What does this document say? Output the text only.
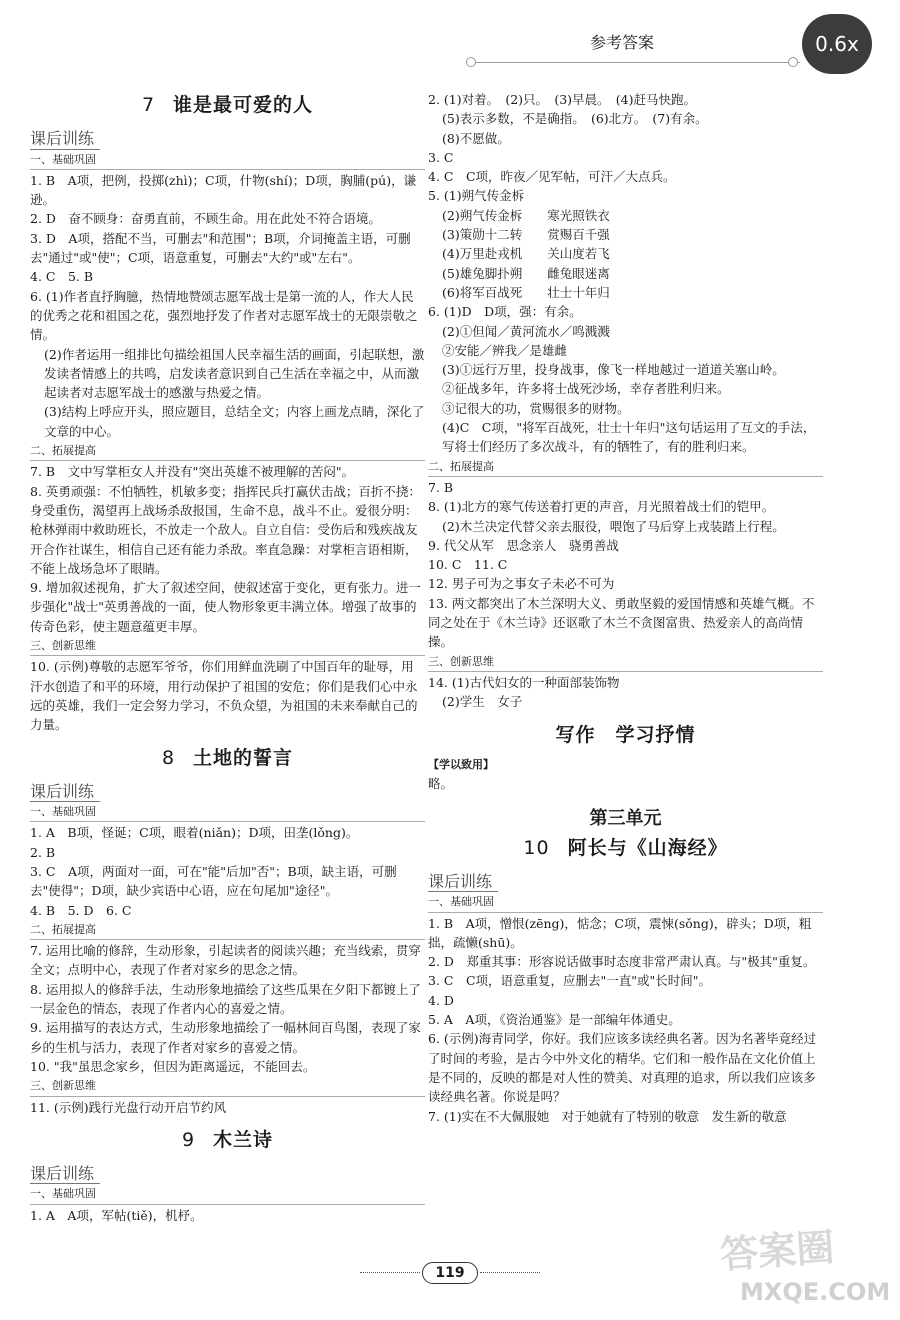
参考答案	0.6x
7 谁是最可爱的人
课后训练
一、基础巩固
1. B　A项，把例，投掷(zhì)；C项，什物(shí)；D项，胸脯(pú)，谦逊。
2. D　奋不顾身：奋勇直前，不顾生命。用在此处不符合语境。
3. D　A项，搭配不当，可删去"和范围"；B项，介词掩盖主语，可删去"通过"或"使"；C项，语意重复，可删去"大约"或"左右"。
4. C　5. B
6. (1)作者直抒胸臆，热情地赞颂志愿军战士是第一流的人，作大人民的优秀之花和祖国之花，强烈地抒发了作者对志愿军战士的无限崇敬之情。
(2)作者运用一组排比句描绘祖国人民幸福生活的画面，引起联想，激发读者情感上的共鸣，启发读者意识到自己生活在幸福之中，从而激起读者对志愿军战士的感激与热爱之情。
(3)结构上呼应开头，照应题目，总结全文；内容上画龙点睛，深化了文章的中心。
二、拓展提高
7. B　文中写掌柜女人并没有"突出英雄不被理解的苦闷"。
8. 英勇顽强：不怕牺牲，机敏多变；指挥民兵打赢伏击战；百折不挠：身受重伤，渴望再上战场杀敌报国，生命不息，战斗不止。爱很分明：枪林弹雨中救助班长，不放走一个敌人。自立自信：受伤后和残疾战友开合作社谋生，相信自己还有能力杀敌。率直急躁：对掌柜言语相斯，不能上战场急坏了眼睛。
9. 增加叙述视角，扩大了叙述空间，使叙述富于变化，更有张力。进一步强化"战士"英勇善战的一面，使人物形象更丰满立体。增强了故事的传奇色彩，使主题意蕴更丰厚。
三、创新思维
10. (示例)尊敬的志愿军爷爷，你们用鲜血洗刷了中国百年的耻辱，用汗水创造了和平的环境，用行动保护了祖国的安危；你们是我们心中永远的英雄，我们一定会努力学习，不负众望，为祖国的未来奉献自己的力量。
8 土地的誓言
课后训练
一、基础巩固
1. A　B项，怪诞；C项，眼着(niǎn)；D项，田垄(lǒng)。
2. B
3. C　A项，两面对一面，可在"能"后加"否"；B项，缺主语，可删去"使得"；D项，缺少宾语中心语，应在句尾加"途径"。
4. B　5. D　6. C
二、拓展提高
7. 运用比喻的修辞，生动形象，引起读者的阅读兴趣；充当线索，贯穿全文；点明中心，表现了作者对家乡的思念之情。
8. 运用拟人的修辞手法，生动形象地描绘了这些瓜果在夕阳下都镀上了一层金色的情态，表现了作者内心的喜爱之情。
9. 运用描写的表达方式，生动形象地描绘了一幅林间百鸟图，表现了家乡的生机与活力，表现了作者对家乡的喜爱之情。
10. "我"虽思念家乡，但因为距离遥远，不能回去。
三、创新思维
11. (示例)践行光盘行动开启节约风
9 木兰诗
课后训练
一、基础巩固
1. A　A项，军帖(tiě)，机杼。
2. (1)对着。　(2)只。　(3)早晨。　(4)赶马快跑。
(5)表示多数，不是确指。　(6)北方。　(7)有余。
(8)不愿做。
3. C
4. C　C项，昨夜／见军帖，可汗／大点兵。
5. (1)朔气传金柝
(2)朔气传金柝　　寒光照铁衣
(3)策勋十二转　　赏赐百千强
(4)万里赴戎机　　关山度若飞
(5)雄兔脚扑朔　　雌兔眼迷离
(6)将军百战死　　壮士十年归
6. (1)D　D项，强：有余。
(2)①但闻／黄河流水／鸣溅溅
②安能／辨我／是雄雌
(3)①远行万里，投身战事，像飞一样地越过一道道关塞山岭。
②征战多年，许多将士战死沙场，幸存者胜利归来。
③记很大的功，赏赐很多的财物。
(4)C　C项，"将军百战死，壮士十年归"这句话运用了互文的手法，写将士们经历了多次战斗，有的牺牲了，有的胜利归来。
二、拓展提高
7. B
8. (1)北方的寒气传送着打更的声音，月光照着战士们的铠甲。
(2)木兰决定代替父亲去服役，喂饱了马后穿上戎装踏上行程。
9. 代父从军　思念亲人　骁勇善战
10. C　11. C
12. 男子可为之事女子未必不可为
13. 两文都突出了木兰深明大义、勇敢坚毅的爱国情感和英雄气概。不同之处在于《木兰诗》还讴歌了木兰不贪图富贵、热爱亲人的高尚情操。
三、创新思维
14. (1)古代妇女的一种面部装饰物
(2)学生　女子
写作　学习抒情
【学以致用】
略。
第三单元
10 阿长与《山海经》
课后训练
一、基础巩固
1. B　A项，憎恨(zēng)，惦念；C项，震悚(sǒng)，辟头；D项，粗拙，疏懒(shū)。
2. D　郑重其事：形容说话做事时态度非常严肃认真。与"极其"重复。
3. C　C项，语意重复，应删去"一直"或"长时间"。
4. D
5. A　A项，《资治通鉴》是一部编年体通史。
6. (示例)海青同学，你好。我们应该多读经典名著。因为名著毕竟经过了时间的考验，是古今中外文化的精华。它们和一般作品在文化价值上是不同的，反映的都是对人性的赞美、对真理的追求，所以我们应该多读经典名著。你说是吗？
7. (1)实在不大佩服她　对于她就有了特别的敬意　发生新的敬意
119	答案圈
MXQE.COM
